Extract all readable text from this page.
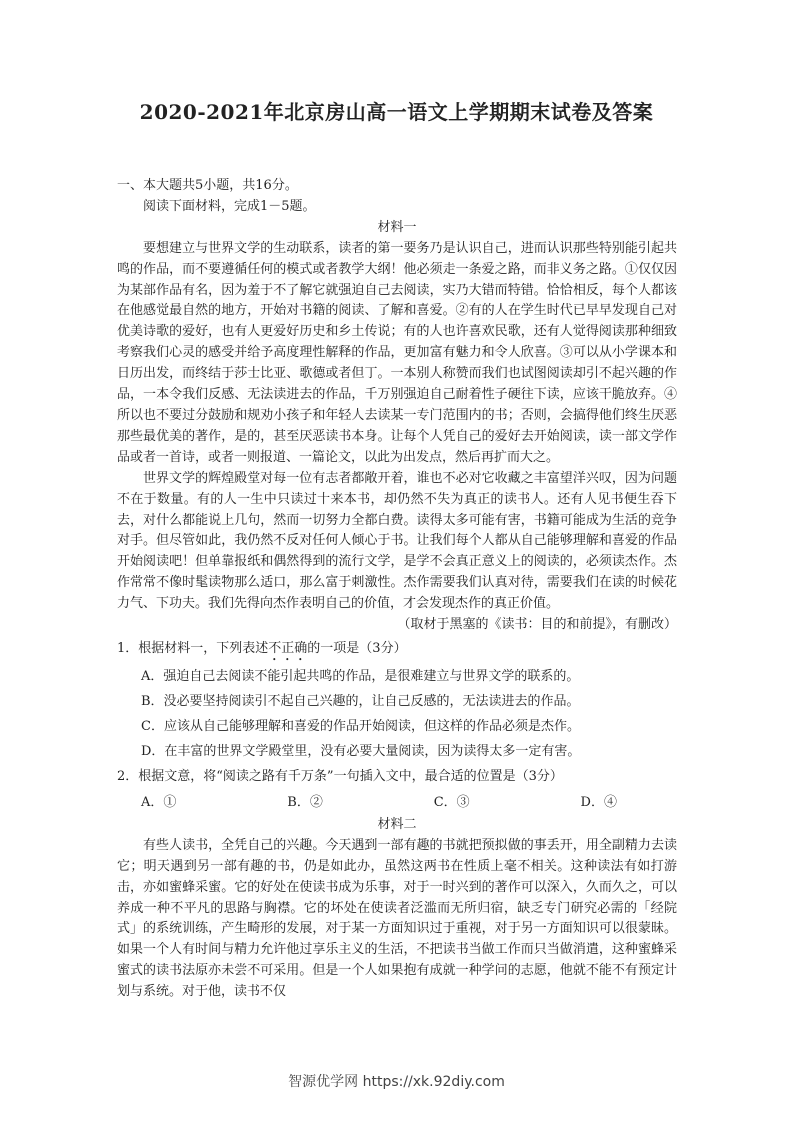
2020-2021年北京房山高一语文上学期期末试卷及答案

一、本大题共5小题，共16分。

阅读下面材料，完成1－5题。

材料一

要想建立与世界文学的生动联系，读者的第一要务乃是认识自己，进而认识那些特别能引起共鸣的作品，而不要遵循任何的模式或者教学大纲！他必须走一条爱之路，而非义务之路。①仅仅因为某部作品有名，因为羞于不了解它就强迫自己去阅读，实乃大错而特错。恰恰相反，每个人都该在他感觉最自然的地方，开始对书籍的阅读、了解和喜爱。②有的人在学生时代已早早发现自己对优美诗歌的爱好，也有人更爱好历史和乡土传说；有的人也许喜欢民歌，还有人觉得阅读那种细致考察我们心灵的感受并给予高度理性解释的作品，更加富有魅力和令人欣喜。③可以从小学课本和日历出发，而终结于莎士比亚、歌德或者但丁。一本别人称赞而我们也试图阅读却引不起兴趣的作品，一本令我们反感、无法读进去的作品，千万别强迫自己耐着性子硬往下读，应该干脆放弃。④所以也不要过分鼓励和规劝小孩子和年轻人去读某一专门范围内的书；否则，会搞得他们终生厌恶那些最优美的著作，是的，甚至厌恶读书本身。让每个人凭自己的爱好去开始阅读，读一部文学作品或者一首诗，或者一则报道、一篇论文，以此为出发点，然后再扩而大之。

世界文学的辉煌殿堂对每一位有志者都敞开着，谁也不必对它收藏之丰富望洋兴叹，因为问题不在于数量。有的人一生中只读过十来本书，却仍然不失为真正的读书人。还有人见书便生吞下去，对什么都能说上几句，然而一切努力全都白费。读得太多可能有害，书籍可能成为生活的竞争对手。但尽管如此，我仍然不反对任何人倾心于书。让我们每个人都从自己能够理解和喜爱的作品开始阅读吧！但单靠报纸和偶然得到的流行文学，是学不会真正意义上的阅读的，必须读杰作。杰作常常不像时髦读物那么适口，那么富于刺激性。杰作需要我们认真对待，需要我们在读的时候花力气、下功夫。我们先得向杰作表明自己的价值，才会发现杰作的真正价值。

（取材于黑塞的《读书：目的和前提》，有删改）

1．根据材料一，下列表述不正确的一项是（3分）

A．强迫自己去阅读不能引起共鸣的作品，是很难建立与世界文学的联系的。

B．没必要坚持阅读引不起自己兴趣的，让自己反感的，无法读进去的作品。

C．应该从自己能够理解和喜爱的作品开始阅读，但这样的作品必须是杰作。

D．在丰富的世界文学殿堂里，没有必要大量阅读，因为读得太多一定有害。

2．根据文意，将“阅读之路有千万条”一句插入文中，最合适的位置是（3分）

A．①	B．②	C．③	D．④

材料二

有些人读书，全凭自己的兴趣。今天遇到一部有趣的书就把预拟做的事丢开，用全副精力去读它；明天遇到另一部有趣的书，仍是如此办，虽然这两书在性质上毫不相关。这种读法有如打游击，亦如蜜蜂采蜜。它的好处在使读书成为乐事，对于一时兴到的著作可以深入，久而久之，可以养成一种不平凡的思路与胸襟。它的坏处在使读者泛滥而无所归宿，缺乏专门研究必需的「经院式」的系统训练，产生畸形的发展，对于某一方面知识过于重视，对于另一方面知识可以很蒙昧。如果一个人有时间与精力允许他过享乐主义的生活，不把读书当做工作而只当做消遣，这种蜜蜂采蜜式的读书法原亦未尝不可采用。但是一个人如果抱有成就一种学问的志愿，他就不能不有预定计划与系统。对于他，读书不仅

智源优学网 https://xk.92diy.com
